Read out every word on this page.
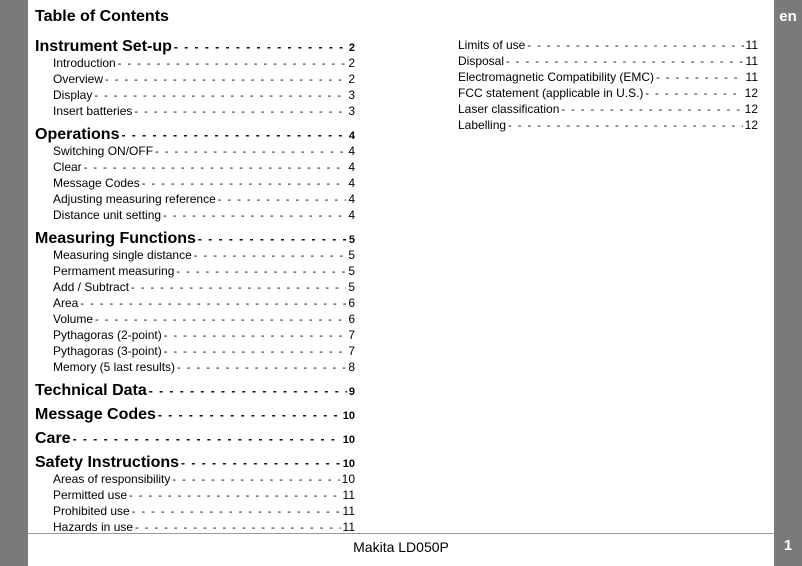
en
Table of Contents
Instrument Set-up - - -	2
Introduction - - -	2
Overview - - -	2
Display - - -	3
Insert batteries - - -	3
Operations - - -	4
Switching ON/OFF - - -	4
Clear - - -	4
Message Codes - - -	4
Adjusting measuring reference - - -	4
Distance unit setting - - -	4
Measuring Functions - - -	5
Measuring single distance - - -	5
Permament measuring - - -	5
Add / Subtract - - -	5
Area - - -	6
Volume - - -	6
Pythagoras (2-point) - - -	7
Pythagoras (3-point) - - -	7
Memory (5 last results) - - -	8
Technical Data - - -	9
Message Codes - - -	10
Care - - -	10
Safety Instructions - - -	10
Areas of responsibility - - -	10
Permitted use - - -	11
Prohibited use - - -	11
Hazards in use - - -	11
Limits of use - - -	11
Disposal - - -	11
Electromagnetic Compatibility (EMC) - - -	11
FCC statement (applicable in U.S.) - - -	12
Laser classification - - -	12
Labelling - - -	12
Makita LD050P	1
